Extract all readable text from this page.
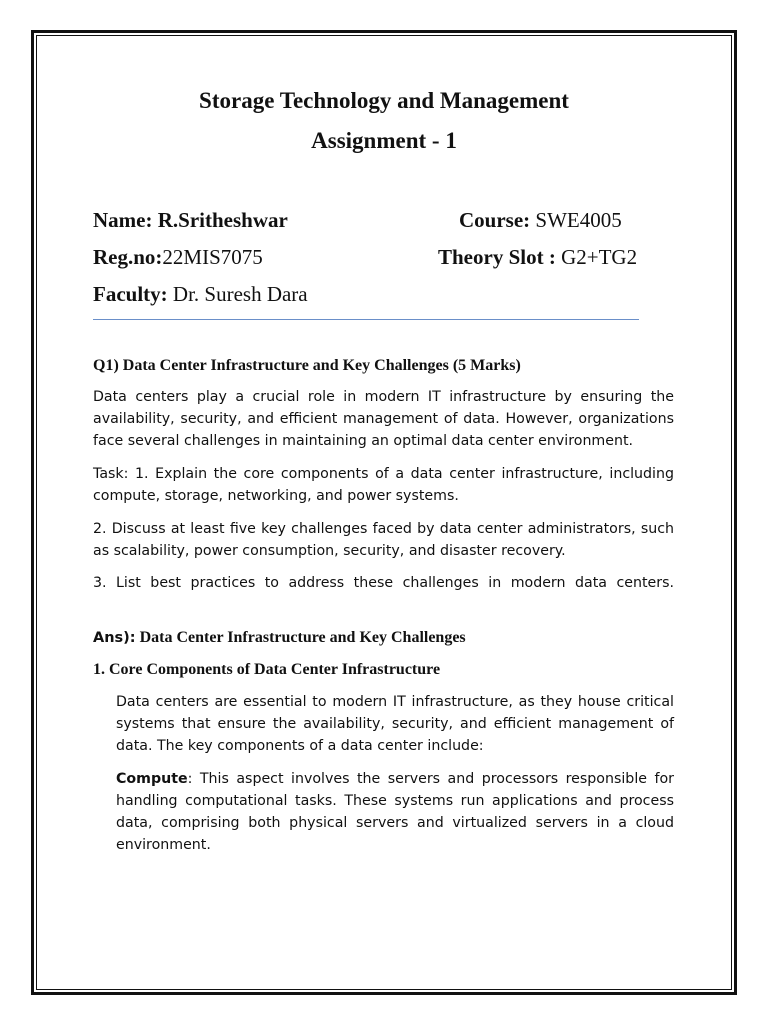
Storage Technology and Management
Assignment - 1
Name: R.Sritheshwar	Course: SWE4005
Reg.no:22MIS7075	Theory Slot : G2+TG2
Faculty: Dr. Suresh Dara
Q1) Data Center Infrastructure and Key Challenges (5 Marks)
Data centers play a crucial role in modern IT infrastructure by ensuring the availability, security, and efficient management of data. However, organizations face several challenges in maintaining an optimal data center environment.
Task: 1. Explain the core components of a data center infrastructure, including compute, storage, networking, and power systems.
2. Discuss at least five key challenges faced by data center administrators, such as scalability, power consumption, security, and disaster recovery.
3. List best practices to address these challenges in modern data centers.
Ans): Data Center Infrastructure and Key Challenges
1. Core Components of Data Center Infrastructure
Data centers are essential to modern IT infrastructure, as they house critical systems that ensure the availability, security, and efficient management of data. The key components of a data center include:
Compute: This aspect involves the servers and processors responsible for handling computational tasks. These systems run applications and process data, comprising both physical servers and virtualized servers in a cloud environment.
